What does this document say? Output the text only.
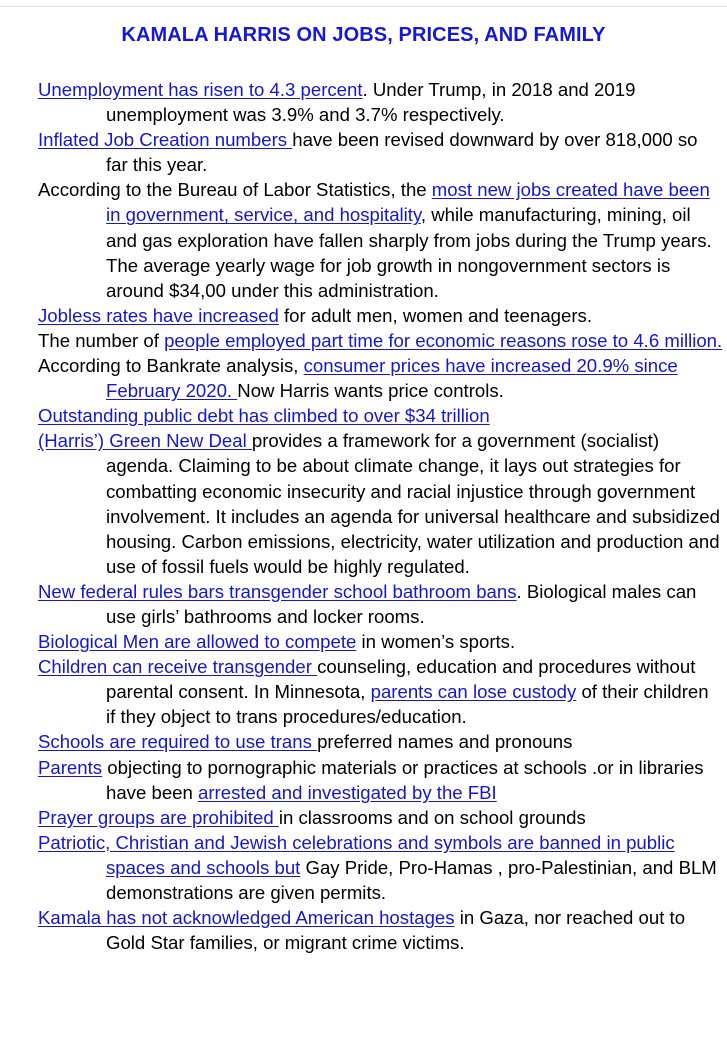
KAMALA HARRIS ON JOBS, PRICES, AND FAMILY

Unemployment has risen to 4.3 percent. Under Trump, in 2018 and 2019 unemployment was 3.9% and 3.7% respectively.

Inflated Job Creation numbers have been revised downward by over 818,000 so far this year.

According to the Bureau of Labor Statistics, the most new jobs created have been in government, service, and hospitality, while manufacturing, mining, oil and gas exploration have fallen sharply from jobs during the Trump years. The average yearly wage for job growth in nongovernment sectors is around $34,00 under this administration.

Jobless rates have increased for adult men, women and teenagers.

The number of people employed part time for economic reasons rose to 4.6 million.

According to Bankrate analysis, consumer prices have increased 20.9% since February 2020. Now Harris wants price controls.

Outstanding public debt has climbed to over $34 trillion

(Harris’) Green New Deal provides a framework for a government (socialist) agenda. Claiming to be about climate change, it lays out strategies for combatting economic insecurity and racial injustice through government involvement. It includes an agenda for universal healthcare and subsidized housing. Carbon emissions, electricity, water utilization and production and use of fossil fuels would be highly regulated.

New federal rules bars transgender school bathroom bans. Biological males can use girls’ bathrooms and locker rooms.

Biological Men are allowed to compete in women’s sports.

Children can receive transgender counseling, education and procedures without parental consent. In Minnesota, parents can lose custody of their children if they object to trans procedures/education.

Schools are required to use trans preferred names and pronouns

Parents objecting to pornographic materials or practices at schools .or in libraries have been arrested and investigated by the FBI

Prayer groups are prohibited in classrooms and on school grounds

Patriotic, Christian and Jewish celebrations and symbols are banned in public spaces and schools but Gay Pride, Pro-Hamas , pro-Palestinian, and BLM demonstrations are given permits.

Kamala has not acknowledged American hostages in Gaza, nor reached out to Gold Star families, or migrant crime victims.
